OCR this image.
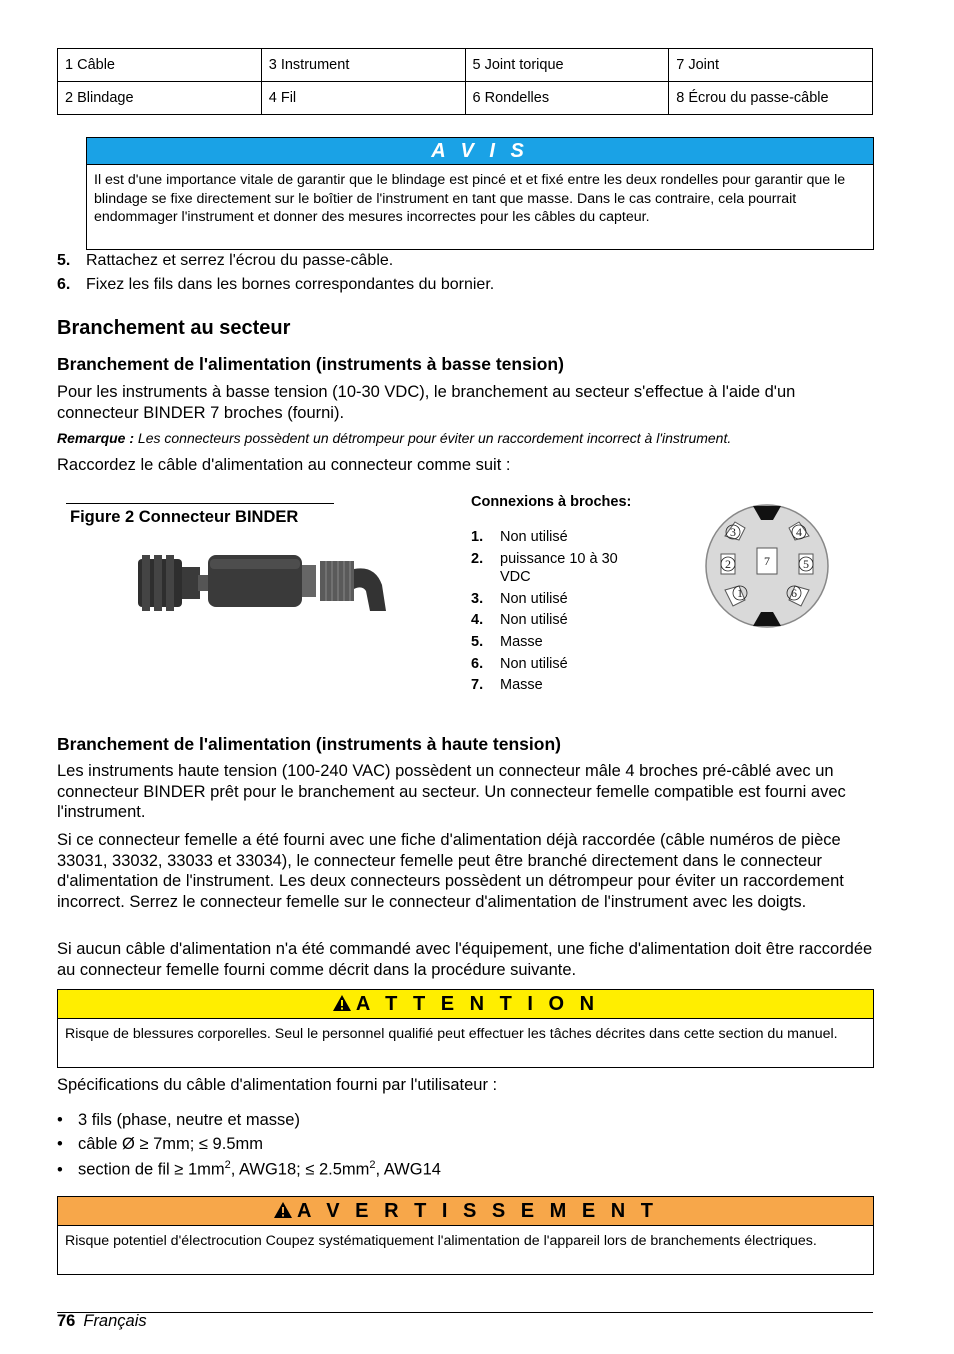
1 Câble	3 Instrument	5 Joint torique	7 Joint
2 Blindage	4 Fil	6 Rondelles	8 Écrou du passe-câble
A V I S
Il est d'une importance vitale de garantir que le blindage est pincé et et fixé entre les deux rondelles pour garantir que le blindage se fixe directement sur le boîtier de l'instrument en tant que masse. Dans le cas contraire, cela pourrait endommager l'instrument et donner des mesures incorrectes pour les câbles du capteur.
5. Rattachez et serrez l'écrou du passe-câble.
6. Fixez les fils dans les bornes correspondantes du bornier.
Branchement au secteur
Branchement de l'alimentation (instruments à basse tension)

Pour les instruments à basse tension (10-30 VDC), le branchement au secteur s'effectue à l'aide d'un connecteur BINDER 7 broches (fourni).

Remarque : Les connecteurs possèdent un détrompeur pour éviter un raccordement incorrect à l'instrument.

Raccordez le câble d'alimentation au connecteur comme suit :

Figure 2 Connecteur BINDER
Connexions à broches:
1. Non utilisé
2. puissance 10 à 30 VDC
3. Non utilisé
4. Non utilisé
5. Masse
6. Non utilisé
7. Masse
3	4
2	5
1	6
7
Branchement de l'alimentation (instruments à haute tension)

Les instruments haute tension (100-240 VAC) possèdent un connecteur mâle 4 broches pré-câblé avec un connecteur BINDER prêt pour le branchement au secteur. Un connecteur femelle compatible est fourni avec l'instrument.

Si ce connecteur femelle a été fourni avec une fiche d'alimentation déjà raccordée (câble numéros de pièce 33031, 33032, 33033 et 33034), le connecteur femelle peut être branché directement dans le connecteur d'alimentation de l'instrument. Les deux connecteurs possèdent un détrompeur pour éviter un raccordement incorrect. Serrez le connecteur femelle sur le connecteur d'alimentation de l'instrument avec les doigts.

Si aucun câble d'alimentation n'a été commandé avec l'équipement, une fiche d'alimentation doit être raccordée au connecteur femelle fourni comme décrit dans la procédure suivante.

A T T E N T I O N
Risque de blessures corporelles. Seul le personnel qualifié peut effectuer les tâches décrites dans cette section du manuel.

Spécifications du câble d'alimentation fourni par l'utilisateur :

• 3 fils (phase, neutre et masse)
• câble Ø ≥ 7mm; ≤ 9.5mm
• section de fil ≥ $1mm^2$, AWG18; ≤ $2.5mm^2$, AWG14
A V E R T I S S E M E N T
Risque potentiel d'électrocution Coupez systématiquement l'alimentation de l'appareil lors de branchements électriques.
76 Français
